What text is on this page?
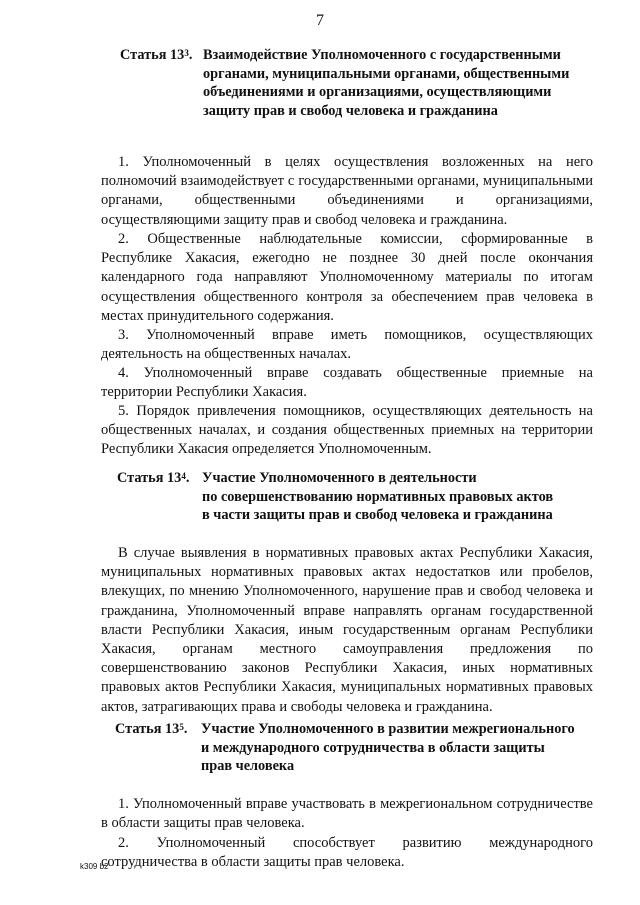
7
Статья $13^3$. Взаимодействие Уполномоченного с государственными
органами, муниципальными органами, общественными
объединениями и организациями, осуществляющими
защиту прав и свобод человека и гражданина

1. Уполномоченный в целях осуществления возложенных на него полномочий взаимодействует с государственными органами, муниципальными органами, общественными объединениями и организациями, осуществляющими защиту прав и свобод человека и гражданина.

2. Общественные наблюдательные комиссии, сформированные в Республике Хакасия, ежегодно не позднее 30 дней после окончания календарного года направляют Уполномоченному материалы по итогам осуществления общественного контроля за обеспечением прав человека в местах принудительного содержания.

3. Уполномоченный вправе иметь помощников, осуществляющих деятельность на общественных началах.

4. Уполномоченный вправе создавать общественные приемные на территории Республики Хакасия.

5. Порядок привлечения помощников, осуществляющих деятельность на общественных началах, и создания общественных приемных на территории Республики Хакасия определяется Уполномоченным.

Статья $13^4$. Участие Уполномоченного в деятельности
по совершенствованию нормативных правовых актов
в части защиты прав и свобод человека и гражданина

В случае выявления в нормативных правовых актах Республики Хакасия, муниципальных нормативных правовых актах недостатков или пробелов, влекущих, по мнению Уполномоченного, нарушение прав и свобод человека и гражданина, Уполномоченный вправе направлять органам государственной власти Республики Хакасия, иным государственным органам Республики Хакасия, органам местного самоуправления предложения по совершенствованию законов Республики Хакасия, иных нормативных правовых актов Республики Хакасия, муниципальных нормативных правовых актов, затрагивающих права и свободы человека и гражданина.

Статья $13^5$. Участие Уполномоченного в развитии межрегионального
и международного сотрудничества в области защиты
прав человека

1. Уполномоченный вправе участвовать в межрегиональном сотрудничестве в области защиты прав человека.

2. Уполномоченный способствует развитию международного сотрудничества в области защиты прав человека.

k309 b2
